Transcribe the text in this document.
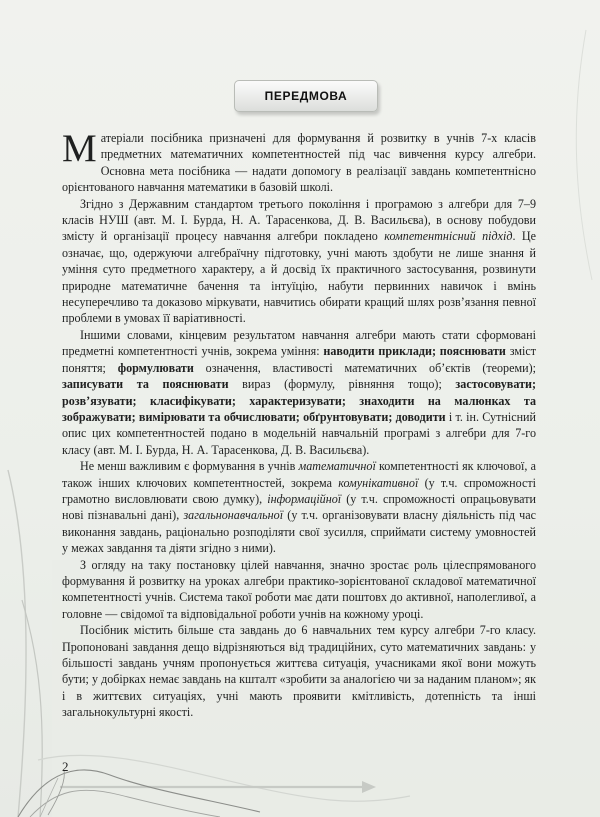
ПЕРЕДМОВА

Матеріали посібника призначені для формування й розвитку в учнів 7-х класів предметних математичних компетентностей під час вивчення курсу алгебри. Основна мета посібника — надати допомогу в реалізації завдань компетентнісно орієнтованого навчання математики в базовій школі.

Згідно з Державним стандартом третього покоління і програмою з алгебри для 7–9 класів НУШ (авт. М. І. Бурда, Н. А. Тарасенкова, Д. В. Васильєва), в основу побудови змісту й організації процесу навчання алгебри покладено компетентнісний підхід. Це означає, що, одержуючи алгебраїчну підготовку, учні мають здобути не лише знання й уміння суто предметного характеру, а й досвід їх практичного застосування, розвинути природне математичне бачення та інтуїцію, набути первинних навичок і вмінь несуперечливо та доказово міркувати, навчитись обирати кращий шлях розв’язання певної проблеми в умовах її варіативності.

Іншими словами, кінцевим результатом навчання алгебри мають стати сформовані предметні компетентності учнів, зокрема уміння: наводити приклади; пояснювати зміст поняття; формулювати означення, властивості математичних об’єктів (теореми); записувати та пояснювати вираз (формулу, рівняння тощо); застосовувати; розв’язувати; класифікувати; характеризувати; знаходити на малюнках та зображувати; вимірювати та обчислювати; обґрунтовувати; доводити і т. ін. Сутнісний опис цих компетентностей подано в модельній навчальній програмі з алгебри для 7-го класу (авт. М. І. Бурда, Н. А. Тарасенкова, Д. В. Васильєва).

Не менш важливим є формування в учнів математичної компетентності як ключової, а також інших ключових компетентностей, зокрема комунікативної (у т.ч. спроможності грамотно висловлювати свою думку), інформаційної (у т.ч. спроможності опрацьовувати нові пізнавальні дані), загальнонавчальної (у т.ч. організовувати власну діяльність під час виконання завдань, раціонально розподіляти свої зусилля, сприймати систему умовностей у межах завдання та діяти згідно з ними).

З огляду на таку постановку цілей навчання, значно зростає роль цілеспрямованого формування й розвитку на уроках алгебри практико-зорієнтованої складової математичної компетентності учнів. Система такої роботи має дати поштовх до активної, наполегливої, а головне — свідомої та відповідальної роботи учнів на кожному уроці.

Посібник містить більше ста завдань до 6 навчальних тем курсу алгебри 7-го класу. Пропоновані завдання дещо відрізняються від традиційних, суто математичних завдань: у більшості завдань учням пропонується життєва ситуація, учасниками якої вони можуть бути; у добірках немає завдань на кшталт «зробити за аналогією чи за наданим планом»; як і в життєвих ситуаціях, учні мають проявити кмітливість, дотепність та інші загальнокультурні якості.

2
